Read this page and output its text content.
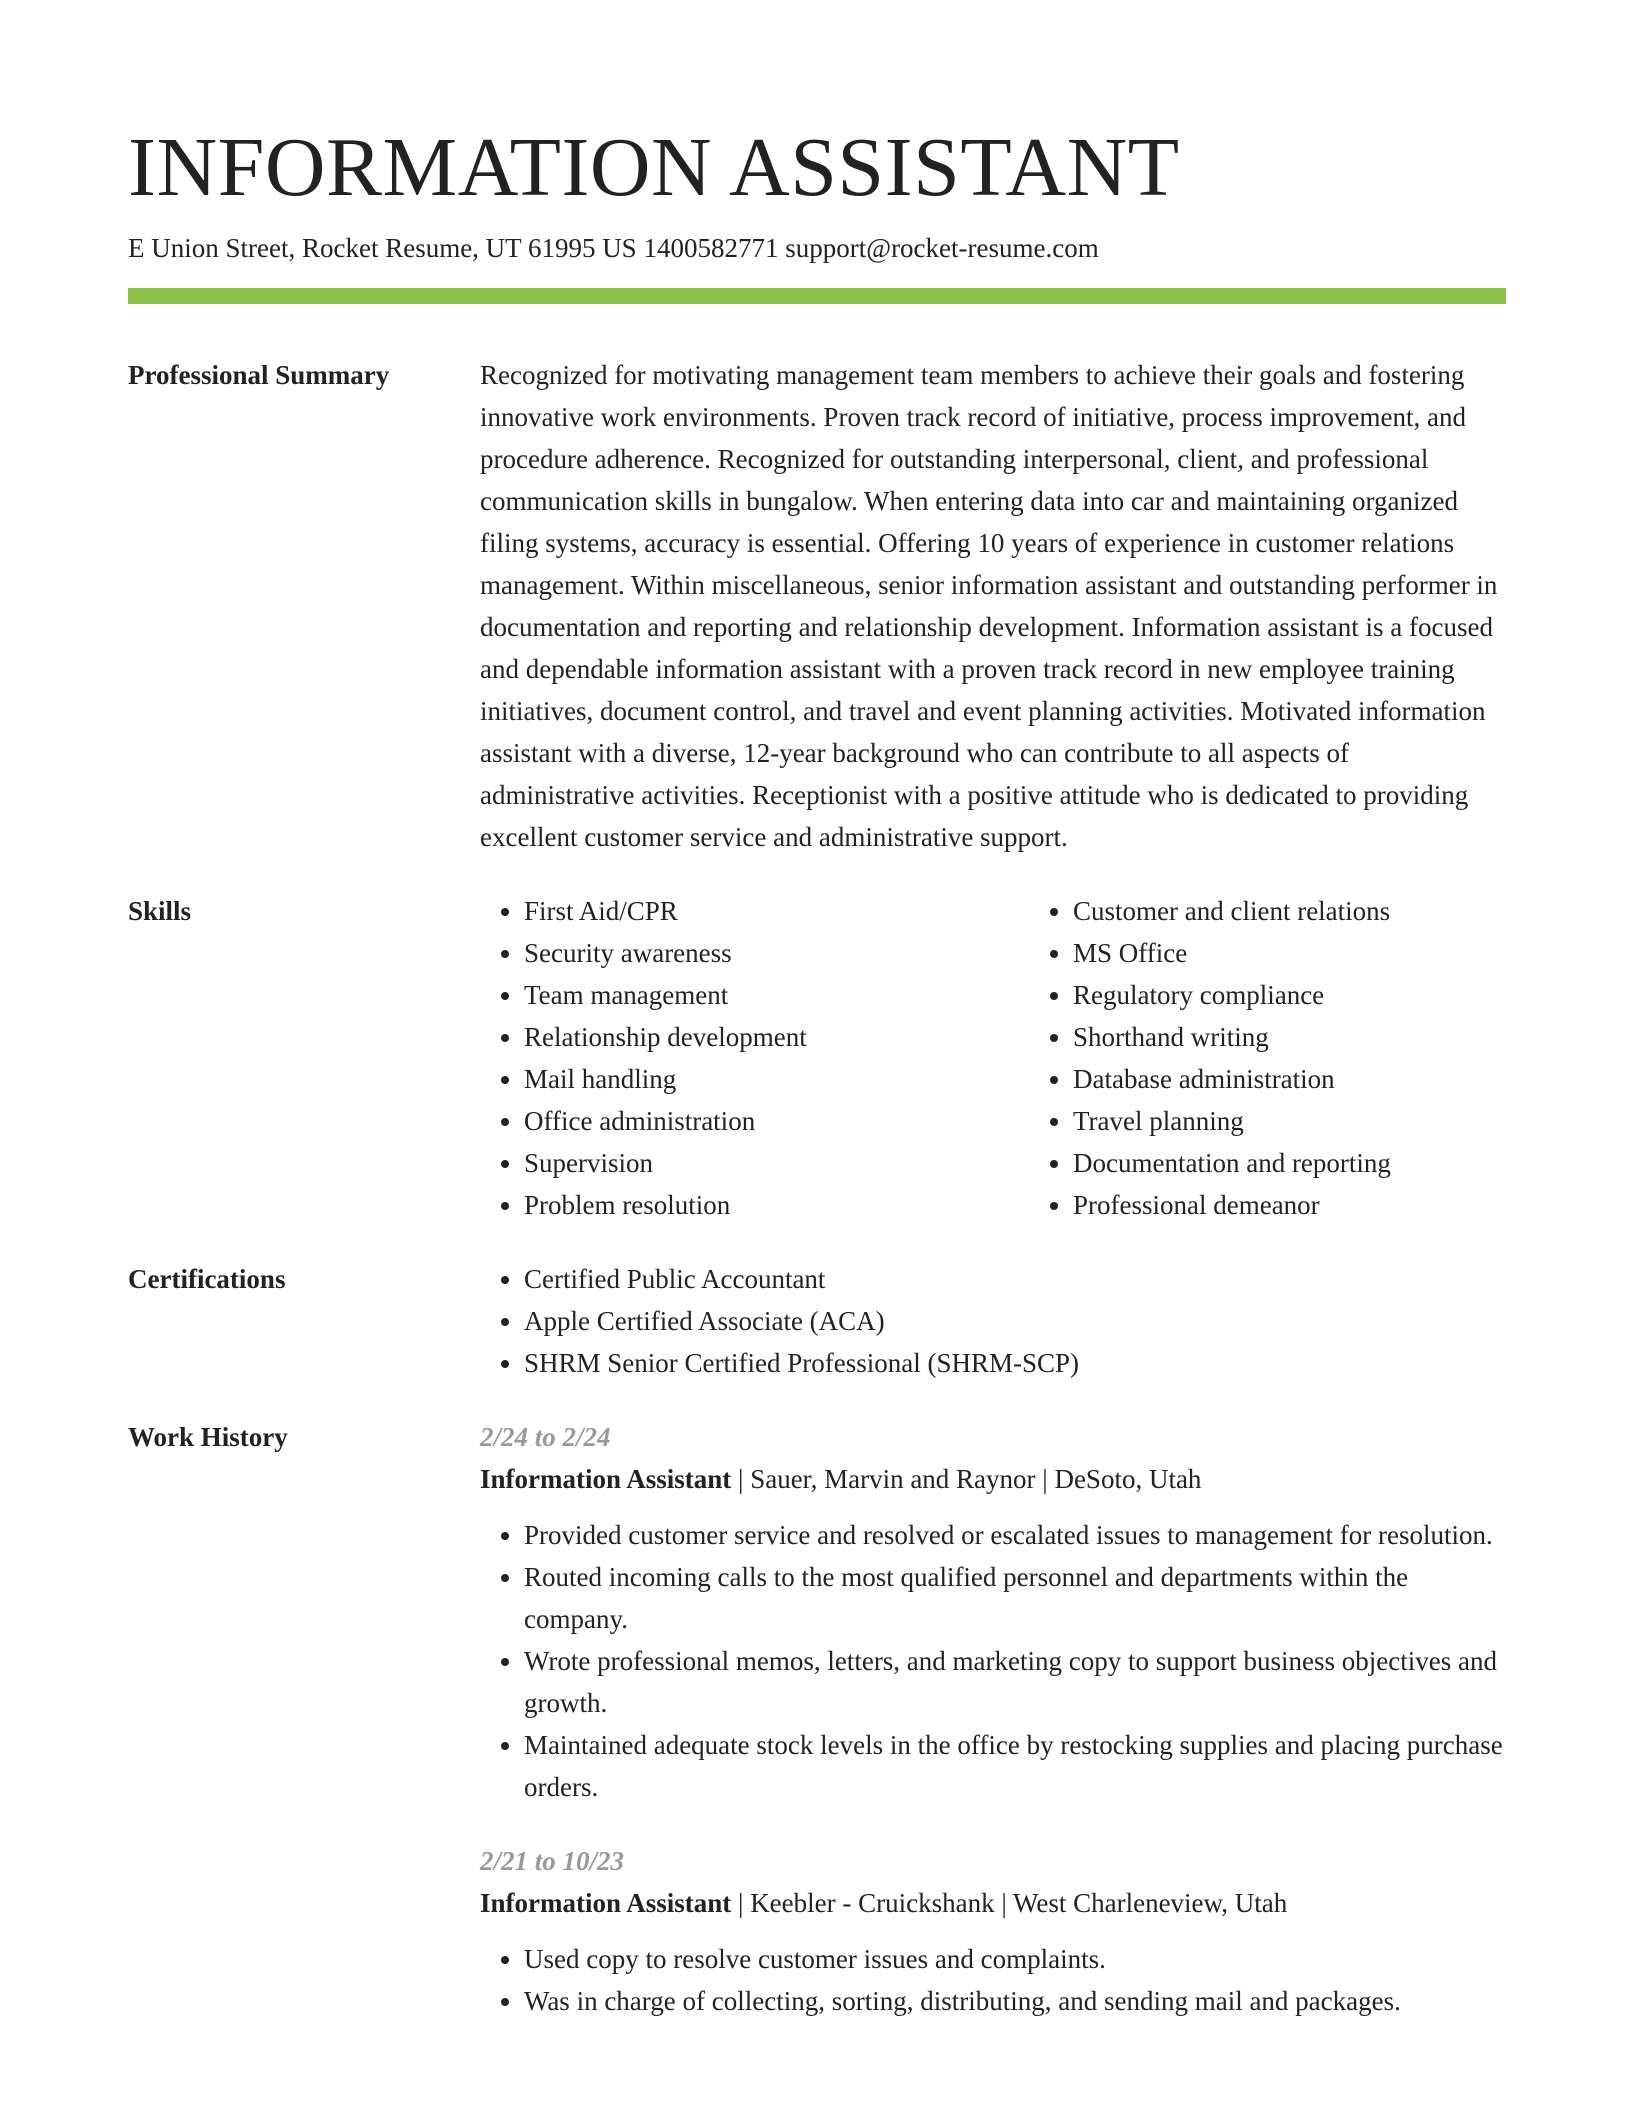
INFORMATION ASSISTANT
E Union Street, Rocket Resume, UT 61995 US 1400582771 support@rocket-resume.com
Professional Summary	Recognized for motivating management team members to achieve their goals and fostering innovative work environments. Proven track record of initiative, process improvement, and procedure adherence. Recognized for outstanding interpersonal, client, and professional communication skills in bungalow. When entering data into car and maintaining organized filing systems, accuracy is essential. Offering 10 years of experience in customer relations management. Within miscellaneous, senior information assistant and outstanding performer in documentation and reporting and relationship development. Information assistant is a focused and dependable information assistant with a proven track record in new employee training initiatives, document control, and travel and event planning activities. Motivated information assistant with a diverse, 12-year background who can contribute to all aspects of administrative activities. Receptionist with a positive attitude who is dedicated to providing excellent customer service and administrative support.

Skills	• First Aid/CPR
• Security awareness
• Team management
• Relationship development
• Mail handling
• Office administration
• Supervision
• Problem resolution
• Customer and client relations
• MS Office
• Regulatory compliance
• Shorthand writing
• Database administration
• Travel planning
• Documentation and reporting
• Professional demeanor
Certifications	• Certified Public Accountant
• Apple Certified Associate (ACA)
• SHRM Senior Certified Professional (SHRM-SCP)
Work History	2/24 to 2/24
Information Assistant | Sauer, Marvin and Raynor | DeSoto, Utah
• Provided customer service and resolved or escalated issues to management for resolution.
• Routed incoming calls to the most qualified personnel and departments within the company.
• Wrote professional memos, letters, and marketing copy to support business objectives and growth.
• Maintained adequate stock levels in the office by restocking supplies and placing purchase orders.
2/21 to 10/23
Information Assistant | Keebler - Cruickshank | West Charleneview, Utah
• Used copy to resolve customer issues and complaints.
• Was in charge of collecting, sorting, distributing, and sending mail and packages.
